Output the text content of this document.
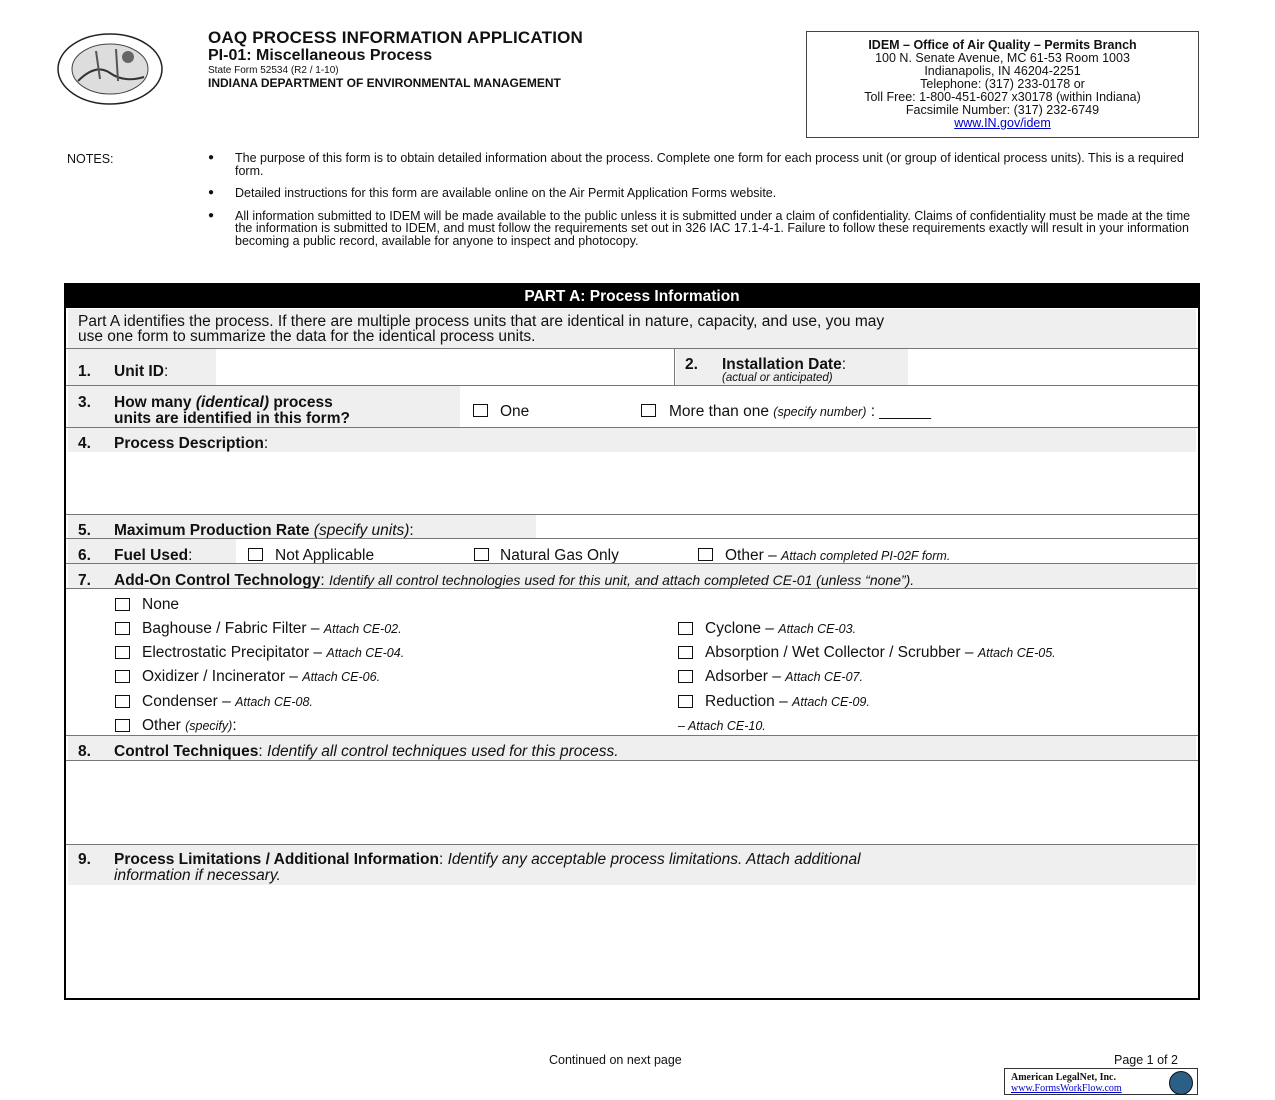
OAQ PROCESS INFORMATION APPLICATION
PI-01: Miscellaneous Process
State Form 52534 (R2 / 1-10)
INDIANA DEPARTMENT OF ENVIRONMENTAL MANAGEMENT
IDEM – Office of Air Quality – Permits Branch
100 N. Senate Avenue, MC 61-53 Room 1003
Indianapolis, IN 46204-2251
Telephone: (317) 233-0178 or
Toll Free: 1-800-451-6027 x30178 (within Indiana)
Facsimile Number: (317) 232-6749
www.IN.gov/idem
NOTES:	● The purpose of this form is to obtain detailed information about the process. Complete one form for each process unit (or group of identical process units). This is a required form.
● Detailed instructions for this form are available online on the Air Permit Application Forms website.
● All information submitted to IDEM will be made available to the public unless it is submitted under a claim of confidentiality. Claims of confidentiality must be made at the time the information is submitted to IDEM, and must follow the requirements set out in 326 IAC 17.1-4-1. Failure to follow these requirements exactly will result in your information becoming a public record, available for anyone to inspect and photocopy.
PART A: Process Information
Part A identifies the process. If there are multiple process units that are identical in nature, capacity, and use, you may
use one form to summarize the data for the identical process units.
1. Unit ID:	2. Installation Date:
(actual or anticipated)
3. How many (identical) process
units are identified in this form?	One	More than one (specify number) : ______
4. Process Description:
5. Maximum Production Rate (specify units):
6. Fuel Used:	Not Applicable	Natural Gas Only	Other – Attach completed PI-02F form.
7. Add-On Control Technology: Identify all control technologies used for this unit, and attach completed CE-01 (unless “none”).
None
Baghouse / Fabric Filter – Attach CE-02.	Cyclone – Attach CE-03.
Electrostatic Precipitator – Attach CE-04.	Absorption / Wet Collector / Scrubber – Attach CE-05.
Oxidizer / Incinerator – Attach CE-06.	Adsorber – Attach CE-07.
Condenser – Attach CE-08.	Reduction – Attach CE-09.
Other (specify):	– Attach CE-10.
8. Control Techniques: Identify all control techniques used for this process.
9. Process Limitations / Additional Information: Identify any acceptable process limitations. Attach additional
information if necessary.
Continued on next page	Page 1 of 2
American LegalNet, Inc.
www.FormsWorkFlow.com
